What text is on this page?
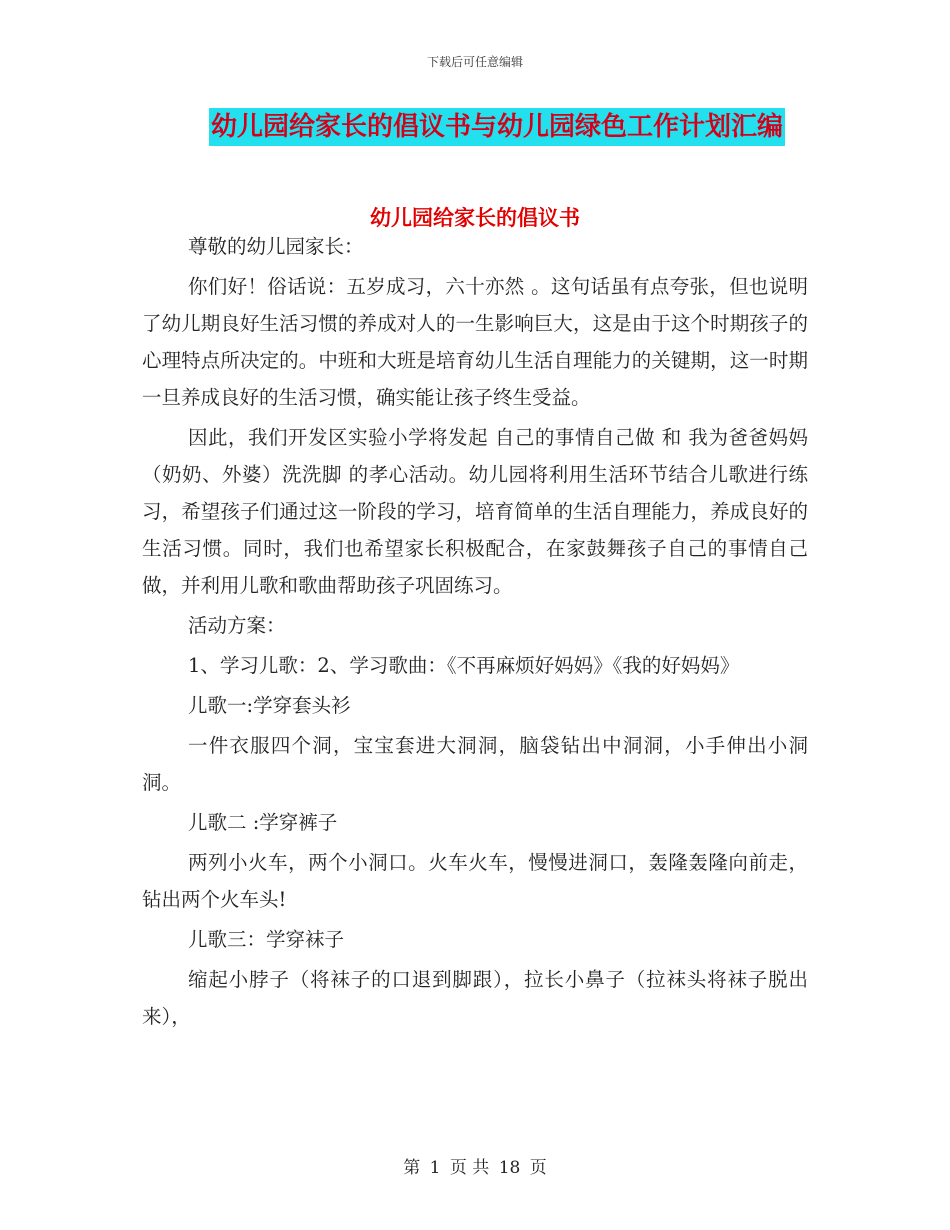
下载后可任意编辑
幼儿园给家长的倡议书与幼儿园绿色工作计划汇编
幼儿园给家长的倡议书

尊敬的幼儿园家长：

你们好！俗话说：五岁成习，六十亦然 。这句话虽有点夸张，但也说明了幼儿期良好生活习惯的养成对人的一生影响巨大，这是由于这个时期孩子的心理特点所决定的。中班和大班是培育幼儿生活自理能力的关键期，这一时期一旦养成良好的生活习惯，确实能让孩子终生受益。

因此，我们开发区实验小学将发起 自己的事情自己做 和 我为爸爸妈妈（奶奶、外婆）洗洗脚 的孝心活动。幼儿园将利用生活环节结合儿歌进行练习，希望孩子们通过这一阶段的学习，培育简单的生活自理能力，养成良好的生活习惯。同时，我们也希望家长积极配合，在家鼓舞孩子自己的事情自己做，并利用儿歌和歌曲帮助孩子巩固练习。

活动方案：

1、学习儿歌：2、学习歌曲：《不再麻烦好妈妈》《我的好妈妈》

儿歌一:学穿套头衫

一件衣服四个洞，宝宝套进大洞洞，脑袋钻出中洞洞，小手伸出小洞洞。

儿歌二 :学穿裤子

两列小火车，两个小洞口。火车火车，慢慢进洞口，轰隆轰隆向前走，钻出两个火车头!

儿歌三：学穿袜子

缩起小脖子（将袜子的口退到脚跟），拉长小鼻子（拉袜头将袜子脱出来），

第 1 页 共 18 页
